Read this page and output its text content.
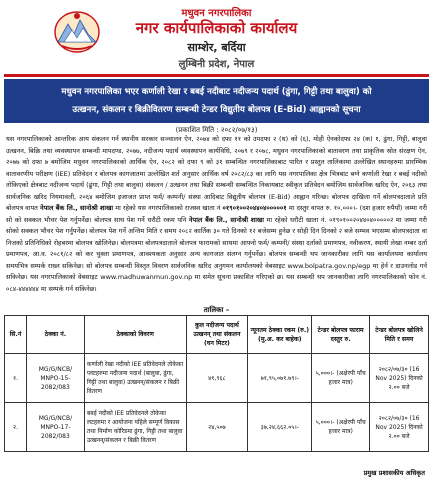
मधुवन नगरपालिका
नगर कार्यपालिकाको कार्यालय
साम्शेर, बर्दिया
लुम्बिनी प्रदेश, नेपाल
मधुवन नगरपालिका भएर कर्णाली रेखा र बबई नदीबाट नदीजन्य पदार्थ (ढुंगा, गिट्टी तथा बालुवा) को
उत्खनन, संकलन र बिक्रीवितरण सम्बन्धी टेन्डर विद्युतीय बोलपत्र (E-Bid) आह्वानको सूचना
(प्रकाशित मिति : २०८२/०७/१३)
यस नगरपालिकाको आन्तरिक आय संकलन गर्न स्थानीय सरकार सञ्चालन ऐन, २०७४ को दफा ११ को उपदफा २ (थ) को (६), मोही ऐनकोदफा २४ (क) १, ढुंगा, गिट्टी, बालुवा उत्खनन, बिक्रि तथा व्यवस्थापन सम्बन्धी मापदण्ड, २०७७, नदीजन्य पदार्थ व्यवस्थापन कार्यविधि, २०७९ र २०७८, मधुवन नगरपालिकाको बातावरण तथा प्राकृतिक स्रोत संरक्षण ऐन, २०७७ को दफा ७ बमोजिम मधुवन नगरपालिकाको आर्थिक ऐन, २०८२ को दफा ९ को ३१ सम्बन्धित नगरपालिकाबाट पारित र प्रस्तुत तालिकामा उल्लेखित स्थानहरुमा प्रारम्भिक वातावरणीय परीक्षण (IEE) प्रतिवेदन र बोलपत्र कागजातमा उल्लेखित शर्त अनुसार आर्थिक वर्ष २०८२/८३ का लागि यस नगरपालिका क्षेत्र भित्रबाट बग्ने कर्णाली रेखा र बबई नदीको तोकिएको क्षेत्रबाट नदीजन्य पदार्थ (ढुंगा, गिट्टी तथा बालुवा) संकलन / उत्खनन तथा बिक्री सम्बन्धी सम्बन्धित निकायबाट स्वीकृत प्रतिवेदन बमोजिम सार्वजनिक खरिद ऐन, २०६३ तथा सार्वजनिक खरिद नियमावली, २०६४ बमोजिम इजाजत प्राप्त फर्म/ कम्पनी/ संस्था आदिबाट विद्युतीय बोलपत्र (E-Bid) आह्वान गरिन्छ। बोलपत्र दाखिला गर्ने बोलपत्रदाताले प्रति बोलपत्र वापत नेपाल बैंक लि., सानोश्री शाखा मा रहेको यस नगरपालिकाको राजस्व खाता नं ०१९०१००२०४४०४०००००१ मा दस्तुर वापत रु. १०,०००।- (दश हजार रुपैयाँ) जम्मा गरी सो को सक्कल भौचर पेश गर्नुपर्नेछ। बोलपत्र साथ पेश गर्ने धरौटी रकम पनि नेपाल बैंक लि., सानोश्री शाखा मा रहेको धरौटी खाता नं. ०१९०१००२०४४०४०००००२ मा जम्मा गरी सोको सक्कल भौचर पेश गर्नुपर्नेछ। बोलपत्र पेश गर्ने अन्तिम मिति र समय २०८२ कार्तिक ३० गते दिनको १२ बजेसम्म हुनेछ र सोही दिन दिनको २ बजे सम्भव भएसम्म बोलपत्रदाता वा निजको प्रतिनिधिको रोहबरमा बोलपत्र खोलिनेछ। बोलपत्रमा बोलपत्रदाताले बोलपत्र फारामको साथमा आफ्नो फर्म/ कम्पनी/ संस्था दर्ताको प्रमाणपत्र, नवीकरण, स्थायी लेखा नम्बर दर्ता प्रमाणपत्र, आ.व. २०८१/८२ को कर चुक्ता प्रमाणपत्र, आवश्यकता अनुसार अन्य कागजात संलग्न गर्नुपर्नेछ। बोलपत्र सम्बन्धी थप जानकारीका लागि यस कार्यालयमा कार्यालय समयभित्र सम्पर्क राख्न सकिनेछ। सो बोलपत्र सम्बन्धी विस्तृत विवरण सार्वजनिक खरिद अनुगमन कार्यालयको वेबसाइट www.bolpatra.gov.np/egp मा हेर्न र डाउनलोड गर्न सकिनेछ। यस नगरपालिकाको वेबसाइट www.madhuwanmun.gov.np मा समेत सूचना प्रकाशित गरिएको छ। यस सम्बन्धी थप जानकारीका लागि नगरपालिकाको फोन नं. ०८४-४४४४४४ मा सम्पर्क गर्न सकिनेछ।
तालिका –
सि.नं	ठेक्का नं.	ठेक्काको विवरण	कुल नदीजन्य पदार्थ उत्खनन् तथा संकलन (घन मिटर)	न्यूनतम ठेक्का रकम (रु.) (मु.अ. कर बाहेक)	टेन्डर बोलपत्र फाराम दस्तुर रु.	टेन्डर बोलपत्र खोलिने मिति र समय
१.	MG/G/NCB/ MNPO-15- 2082/083	कर्णाली रेखा नदीको IEE प्रतिवेदनले तोकेका प्लटहरुमा नदीजन्य पदार्थ (बालुवा, ढुंगा, गिट्टी तथा बालुवा) उत्खनन्/संकलन र बिक्री वितरण	४१,९६८	७१,९५,०७१.७९।-	५,०००।- (अक्षेरपी पाँच हजार मात्र)	२०८२/०७/३० (16 Nov 2025) दिनको २.०० बजे
२.	MG/G/NCB/ MNPO-17- 2082/083	बबई नदीको IEE प्रतिवेदनले तोकेका लटहरुमा र आयोजना पहिले सम्पूर्ण विकास तथा निर्माण कोरिडमा ढुंगा, गिट्टी तथा बालुवा उत्खनन्/संकलन र बिक्री वितरण	२४,५०७	३७,२४,६६२.०५।-	५,०००।- (अक्षेरपी पाँच हजार मात्र)	२०८२/०७/३० (16 Nov 2025) दिनको २.०० बजे
प्रमुख प्रशासकीय अधिकृत
